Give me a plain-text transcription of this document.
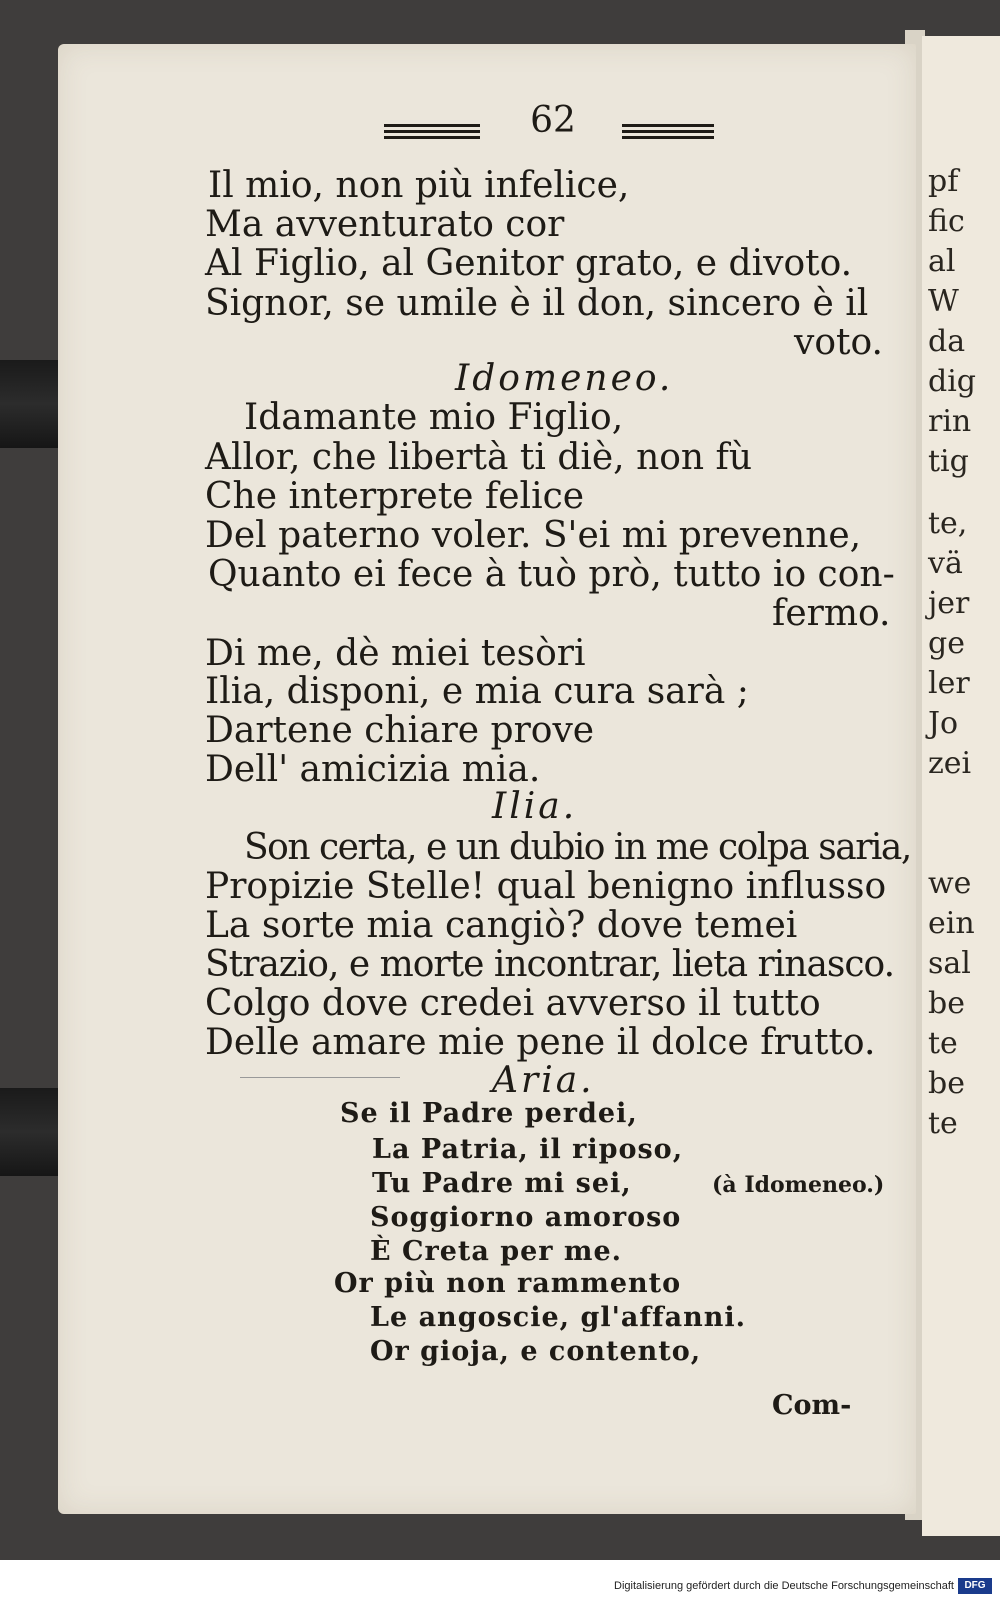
pf
fic
al
W
da
dig
rin
tig
te,
vä
jer
ge
ler
Jo
zei
we
ein
sal
be
te
be
te
62
Il mio, non più infelice,
Ma avventurato cor
Al Figlio, al Genitor grato, e divoto.
Signor, se umile è il don, sincero è il
voto.
Idomeneo.
Idamante mio Figlio,
Allor, che libertà ti diè, non fù
Che interprete felice
Del paterno voler. S'ei mi prevenne,
Quanto ei fece à tuò prò, tutto io con-
fermo.
Di me, dè miei tesòri
Ilia, disponi, e mia cura sarà ;
Dartene chiare prove
Dell' amicizia mia.
Ilia.
Son certa, e un dubio in me colpa saria,
Propizie Stelle! qual benigno influsso
La sorte mia cangiò? dove temei
Strazio, e morte incontrar, lieta rinasco.
Colgo dove credei avverso il tutto
Delle amare mie pene il dolce frutto.
Aria.
Se il Padre perdei,
La Patria, il riposo,
Tu Padre mi sei,	(à Idomeneo.)
Soggiorno amoroso
È Creta per me.
Or più non rammento
Le angoscie, gl'affanni.
Or gioja, e contento,
Com-
Digitalisierung gefördert durch die Deutsche Forschungsgemeinschaft	DFG
